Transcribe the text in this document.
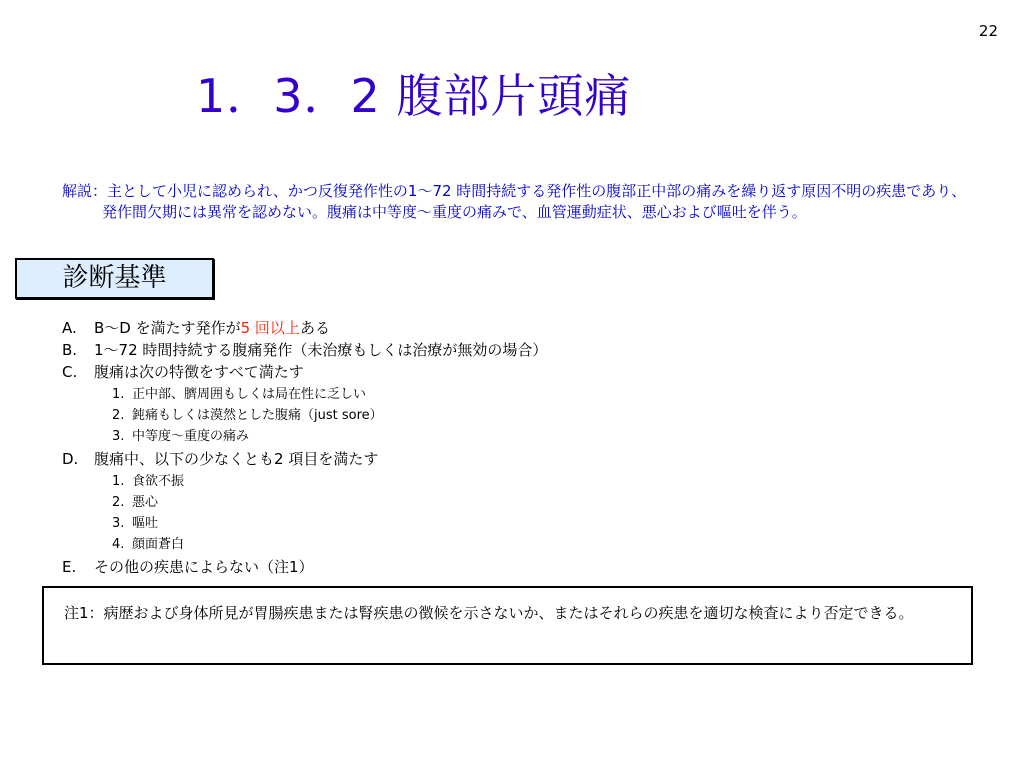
22
1．3．2 腹部片頭痛
解説：主として小児に認められ、かつ反復発作性の1～72 時間持続する発作性の腹部正中部の痛みを繰り返す原因不明の疾患であり、発作間欠期には異常を認めない。腹痛は中等度～重度の痛みで、血管運動症状、悪心および嘔吐を伴う。
診断基準
A. B～D を満たす発作が5 回以上ある
B. 1～72 時間持続する腹痛発作（未治療もしくは治療が無効の場合）
C. 腹痛は次の特徴をすべて満たす
1. 正中部、臍周囲もしくは局在性に乏しい
2. 鈍痛もしくは漠然とした腹痛（just sore）
3. 中等度～重度の痛み
D. 腹痛中、以下の少なくとも2 項目を満たす
1. 食欲不振
2. 悪心
3. 嘔吐
4. 顔面蒼白
E. その他の疾患によらない（注1）
注1：病歴および身体所見が胃腸疾患または腎疾患の徴候を示さないか、またはそれらの疾患を適切な検査により否定できる。
